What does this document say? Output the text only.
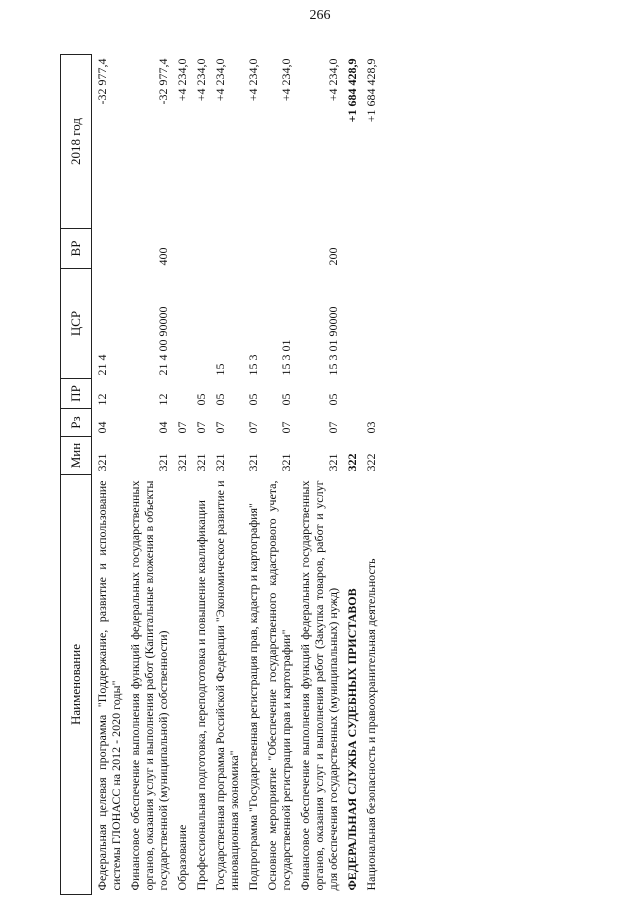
266
Наименование	Мин	Рз	ПР	ЦСР	ВР	2018 год
Федеральная целевая программа "Поддержание, развитие и использование системы ГЛОНАСС на 2012 - 2020 годы"	321	04	12	21 4		-32 977,4
Финансовое обеспечение выполнения функций федеральных государственных органов, оказания услуг и выполнения работ (Капитальные вложения в объекты государственной (муниципальной) собственности)	321	04	12	21 4 00 90000	400	-32 977,4
Образование	321	07				+4 234,0
Профессиональная подготовка, переподготовка и повышение квалификации	321	07	05			+4 234,0
Государственная программа Российской Федерации "Экономическое развитие и инновационная экономика"	321	07	05	15		+4 234,0
Подпрограмма "Государственная регистрация прав, кадастр и картография"	321	07	05	15 3		+4 234,0
Основное мероприятие "Обеспечение государственного кадастрового учета, государственной регистрации прав и картографии"	321	07	05	15 3 01		+4 234,0
Финансовое обеспечение выполнения функций федеральных государственных органов, оказания услуг и выполнения работ (Закупка товаров, работ и услуг для обеспечения государственных (муниципальных) нужд)	321	07	05	15 3 01 90000	200	+4 234,0
ФЕДЕРАЛЬНАЯ СЛУЖБА СУДЕБНЫХ ПРИСТАВОВ	322					+1 684 428,9
Национальная безопасность и правоохранительная деятельность	322	03				+1 684 428,9
